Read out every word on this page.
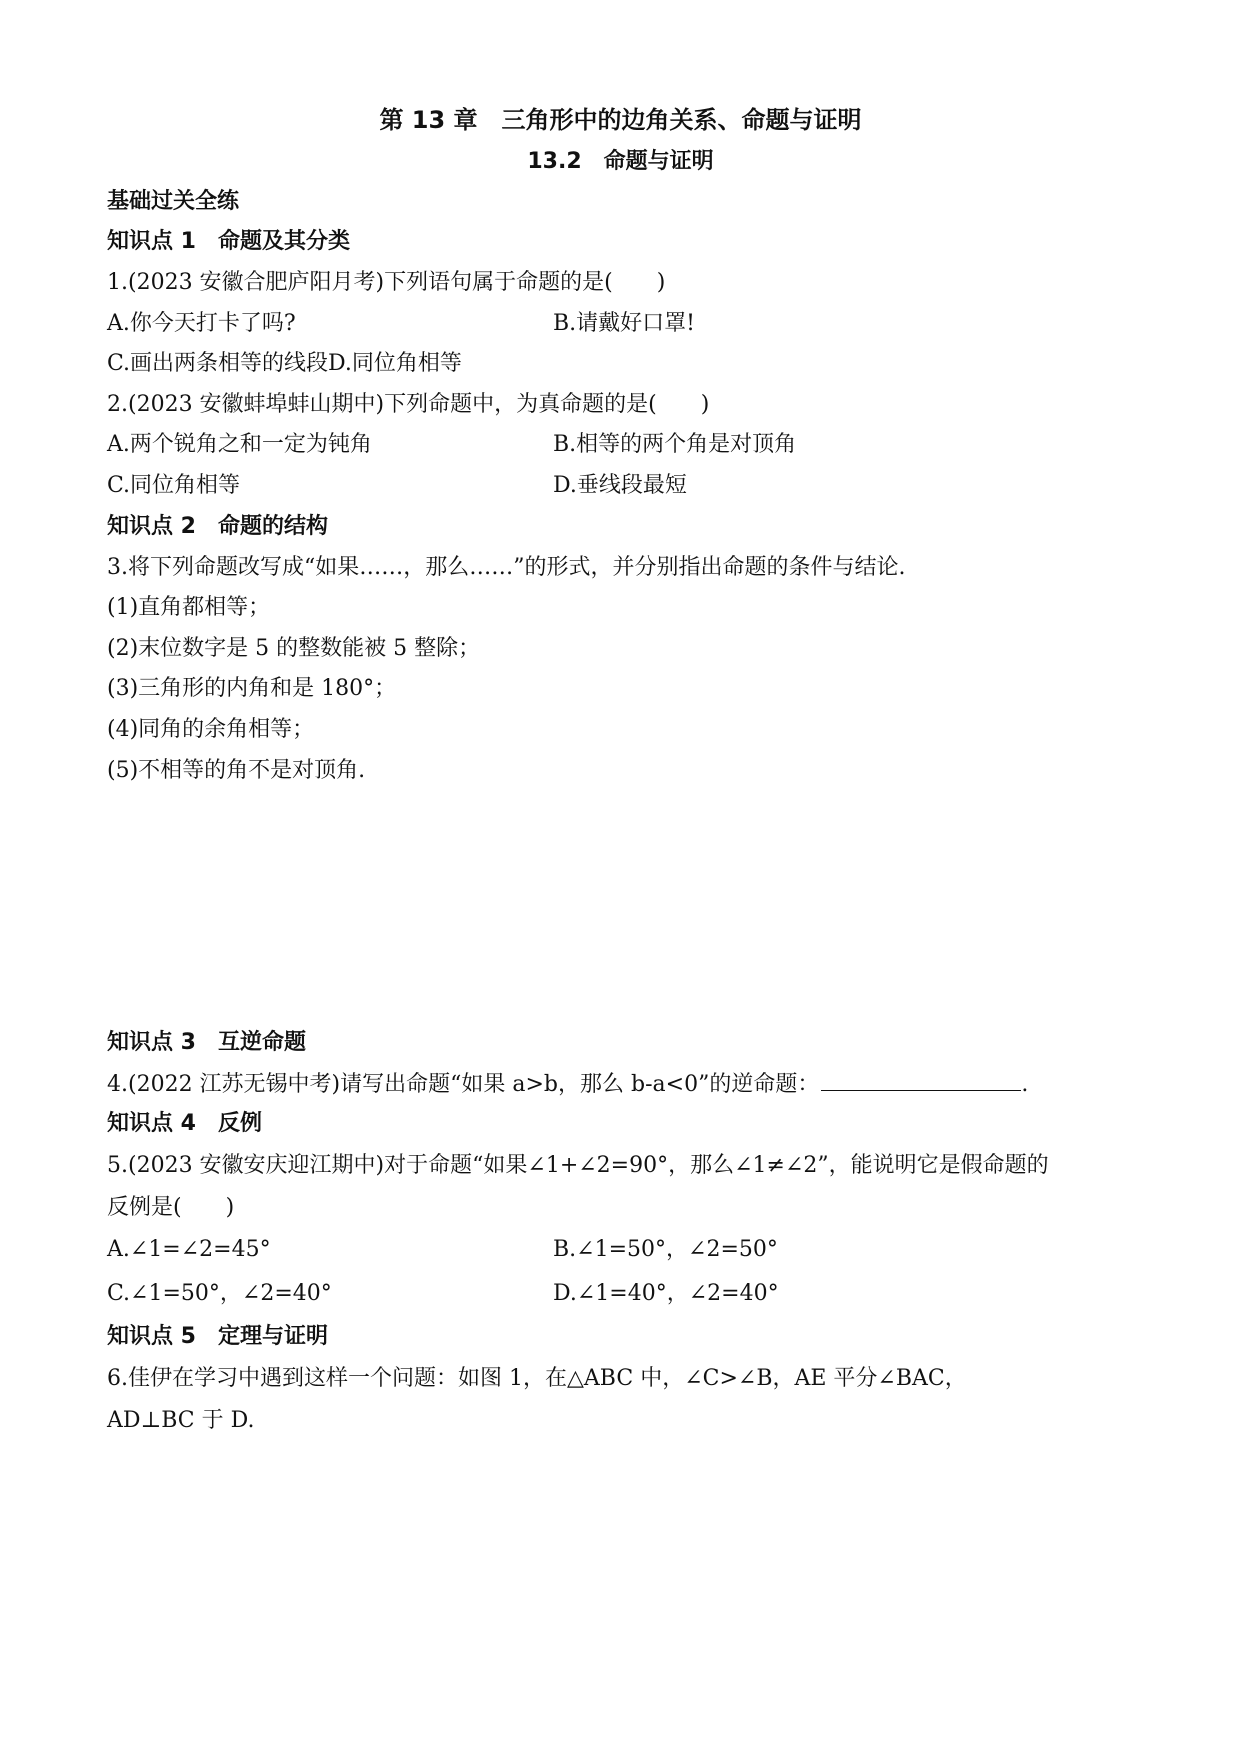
第 13 章　三角形中的边角关系、命题与证明
13.2　命题与证明
基础过关全练
知识点 1　命题及其分类
1.(2023 安徽合肥庐阳月考)下列语句属于命题的是(　　)
A.你今天打卡了吗?	B.请戴好口罩!
C.画出两条相等的线段D.同位角相等
2.(2023 安徽蚌埠蚌山期中)下列命题中，为真命题的是(　　)
A.两个锐角之和一定为钝角	B.相等的两个角是对顶角
C.同位角相等	D.垂线段最短
知识点 2　命题的结构
3.将下列命题改写成“如果……，那么……”的形式，并分别指出命题的条件与结论.
(1)直角都相等；
(2)末位数字是 5 的整数能被 5 整除；
(3)三角形的内角和是 180°；
(4)同角的余角相等；
(5)不相等的角不是对顶角.
知识点 3　互逆命题
4.(2022 江苏无锡中考)请写出命题“如果 a>b，那么 b-a<0”的逆命题：	.
知识点 4　反例
5.(2023 安徽安庆迎江期中)对于命题“如果∠1+∠2=90°，那么∠1≠∠2”，能说明它是假命题的
反例是(　　)
A.∠1=∠2=45°	B.∠1=50°，∠2=50°
C.∠1=50°，∠2=40°	D.∠1=40°，∠2=40°
知识点 5　定理与证明
6.佳伊在学习中遇到这样一个问题：如图 1，在△ABC 中，∠C>∠B，AE 平分∠BAC，
AD⊥BC 于 D.
